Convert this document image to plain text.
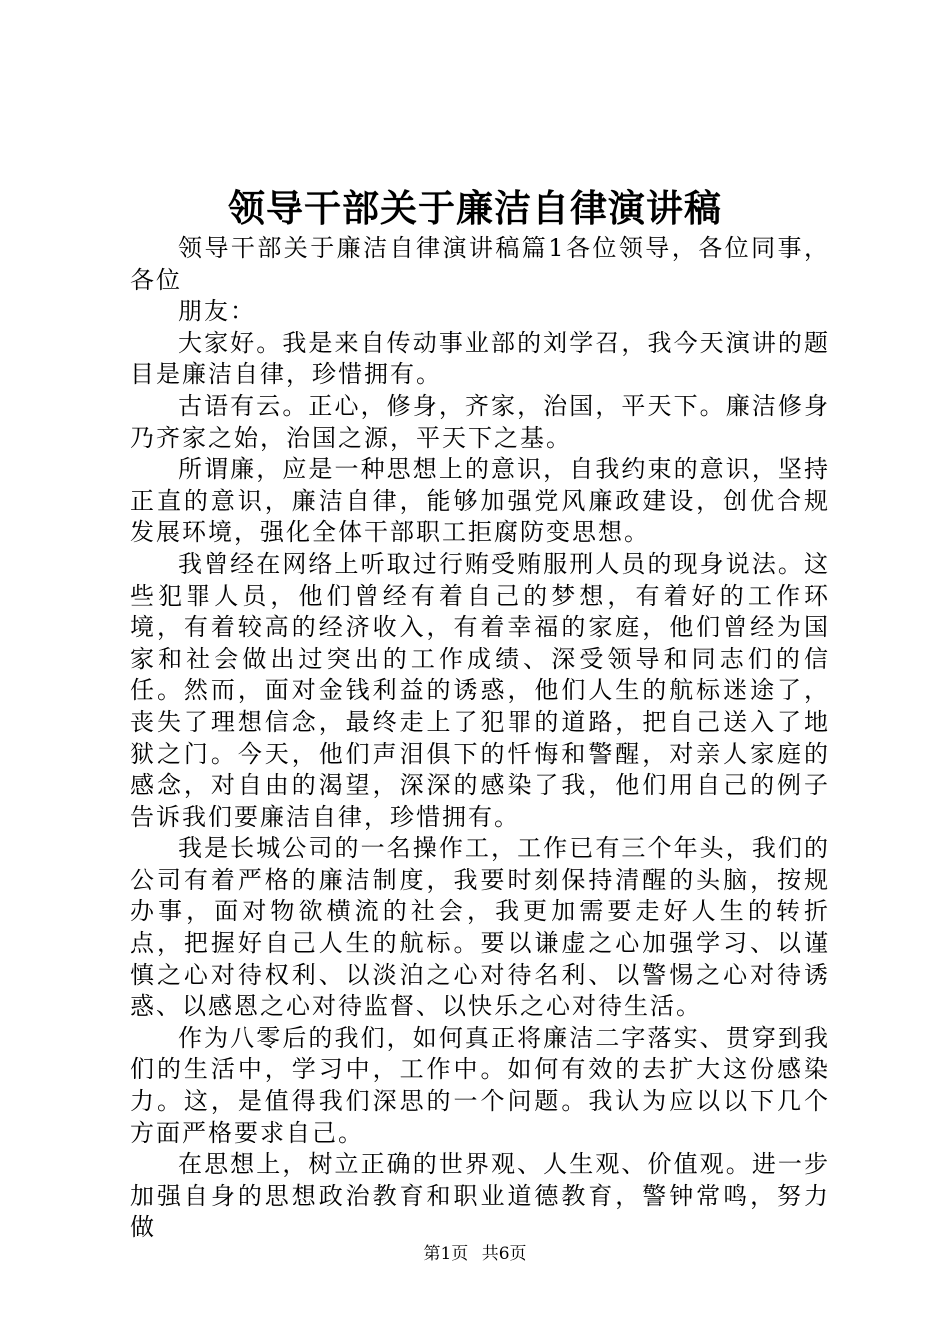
领导干部关于廉洁自律演讲稿

领导干部关于廉洁自律演讲稿篇1各位领导，各位同事，各位

朋友：

大家好。我是来自传动事业部的刘学召，我今天演讲的题目是廉洁自律，珍惜拥有。

古语有云。正心，修身，齐家，治国，平天下。廉洁修身乃齐家之始，治国之源，平天下之基。

所谓廉，应是一种思想上的意识，自我约束的意识，坚持正直的意识，廉洁自律，能够加强党风廉政建设，创优合规发展环境，强化全体干部职工拒腐防变思想。

我曾经在网络上听取过行贿受贿服刑人员的现身说法。这些犯罪人员，他们曾经有着自己的梦想，有着好的工作环境，有着较高的经济收入，有着幸福的家庭，他们曾经为国家和社会做出过突出的工作成绩、深受领导和同志们的信任。然而，面对金钱利益的诱惑，他们人生的航标迷途了，丧失了理想信念，最终走上了犯罪的道路，把自己送入了地狱之门。今天，他们声泪俱下的忏悔和警醒，对亲人家庭的感念，对自由的渴望，深深的感染了我，他们用自己的例子告诉我们要廉洁自律，珍惜拥有。

我是长城公司的一名操作工，工作已有三个年头，我们的公司有着严格的廉洁制度，我要时刻保持清醒的头脑，按规办事，面对物欲横流的社会，我更加需要走好人生的转折点，把握好自己人生的航标。要以谦虚之心加强学习、以谨慎之心对待权利、以淡泊之心对待名利、以警惕之心对待诱惑、以感恩之心对待监督、以快乐之心对待生活。

作为八零后的我们，如何真正将廉洁二字落实、贯穿到我们的生活中，学习中，工作中。如何有效的去扩大这份感染力。这，是值得我们深思的一个问题。我认为应以以下几个方面严格要求自己。

在思想上，树立正确的世界观、人生观、价值观。进一步加强自身的思想政治教育和职业道德教育，警钟常鸣，努力做

第1页 共6页
